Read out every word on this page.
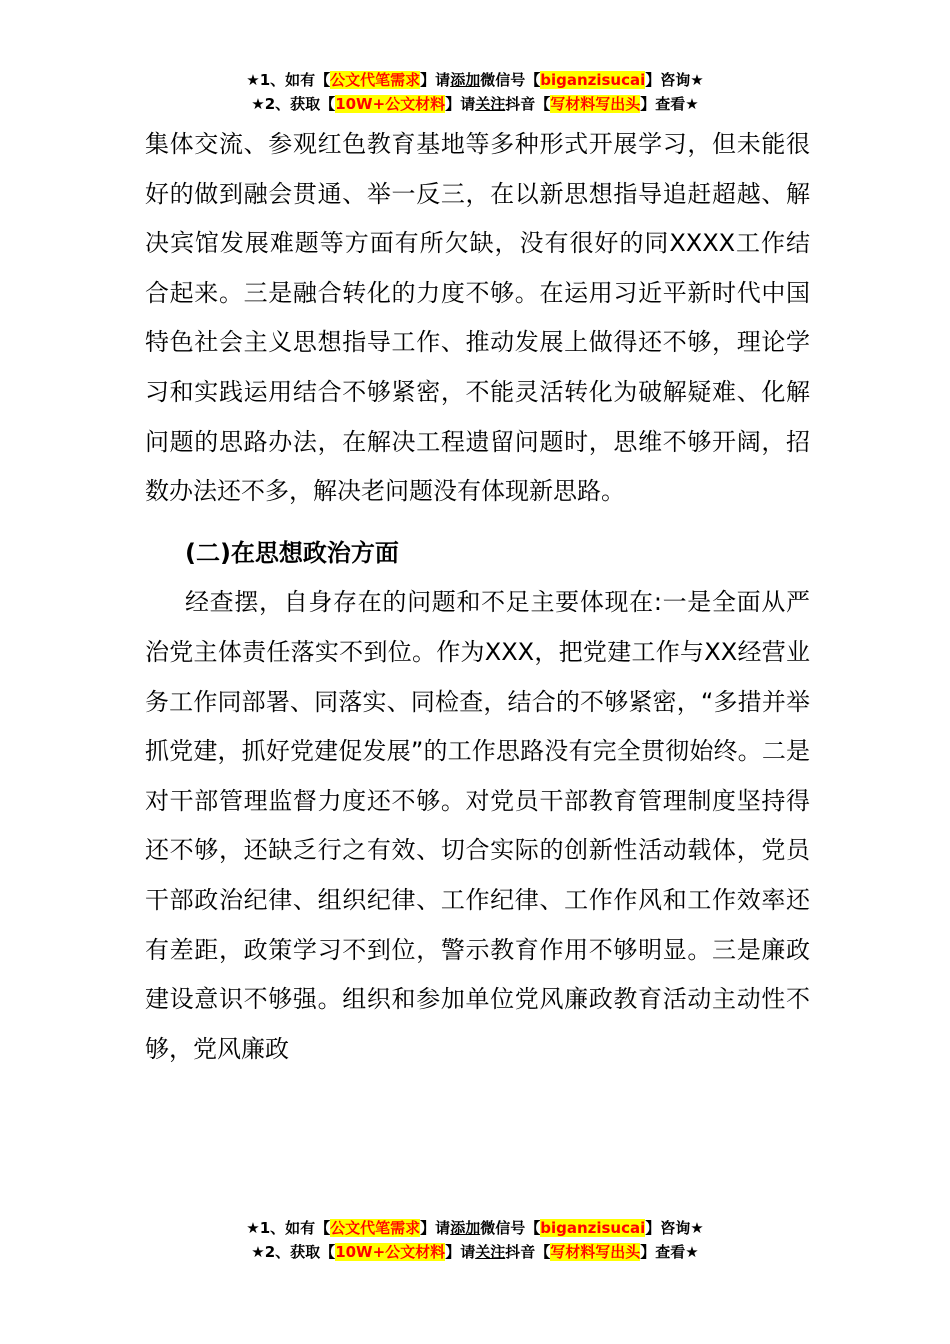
★1、如有【公文代笔需求】请添加微信号【biganzisucai】咨询★
★2、获取【10W+公文材料】请关注抖音【写材料写出头】查看★

集体交流、参观红色教育基地等多种形式开展学习，但未能很好的做到融会贯通、举一反三，在以新思想指导追赶超越、解决宾馆发展难题等方面有所欠缺，没有很好的同XXXX工作结合起来。三是融合转化的力度不够。在运用习近平新时代中国特色社会主义思想指导工作、推动发展上做得还不够，理论学习和实践运用结合不够紧密，不能灵活转化为破解疑难、化解问题的思路办法，在解决工程遗留问题时，思维不够开阔，招数办法还不多，解决老问题没有体现新思路。

(二)在思想政治方面

经查摆，自身存在的问题和不足主要体现在:一是全面从严治党主体责任落实不到位。作为XXX，把党建工作与XX经营业务工作同部署、同落实、同检查，结合的不够紧密，“多措并举抓党建，抓好党建促发展”的工作思路没有完全贯彻始终。二是对干部管理监督力度还不够。对党员干部教育管理制度坚持得还不够，还缺乏行之有效、切合实际的创新性活动载体，党员干部政治纪律、组织纪律、工作纪律、工作作风和工作效率还有差距，政策学习不到位，警示教育作用不够明显。三是廉政建设意识不够强。组织和参加单位党风廉政教育活动主动性不够，党风廉政

★1、如有【公文代笔需求】请添加微信号【biganzisucai】咨询★
★2、获取【10W+公文材料】请关注抖音【写材料写出头】查看★
